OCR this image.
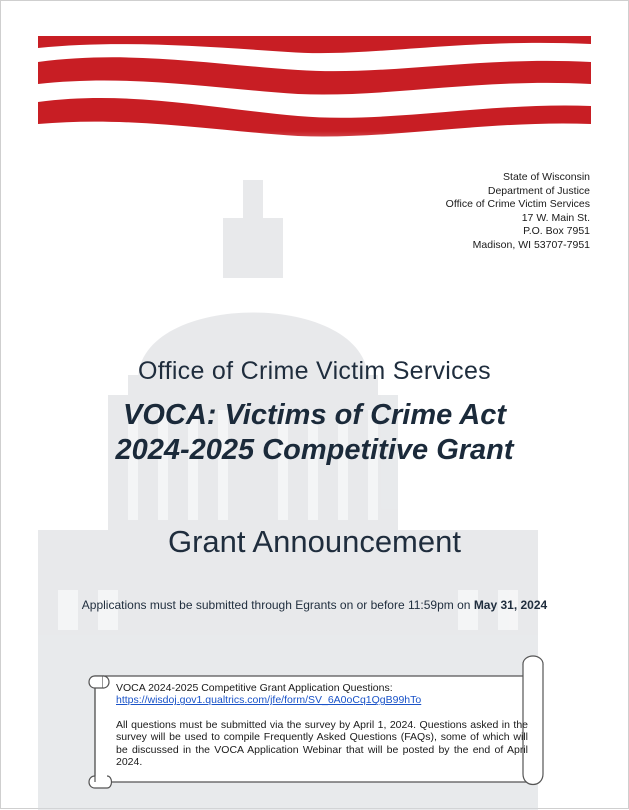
State of Wisconsin
Department of Justice
Office of Crime Victim Services
17 W. Main St.
P.O. Box 7951
Madison, WI 53707-7951
Office of Crime Victim Services
VOCA: Victims of Crime Act
2024-2025 Competitive Grant
Grant Announcement
Applications must be submitted through Egrants on or before 11:59pm on May 31, 2024

VOCA 2024-2025 Competitive Grant Application Questions:

https://wisdoj.gov1.qualtrics.com/jfe/form/SV_6A0oCq1QgB99hTo

All questions must be submitted via the survey by April 1, 2024. Questions asked in the survey will be used to compile Frequently Asked Questions (FAQs), some of which will be discussed in the VOCA Application Webinar that will be posted by the end of April 2024.
